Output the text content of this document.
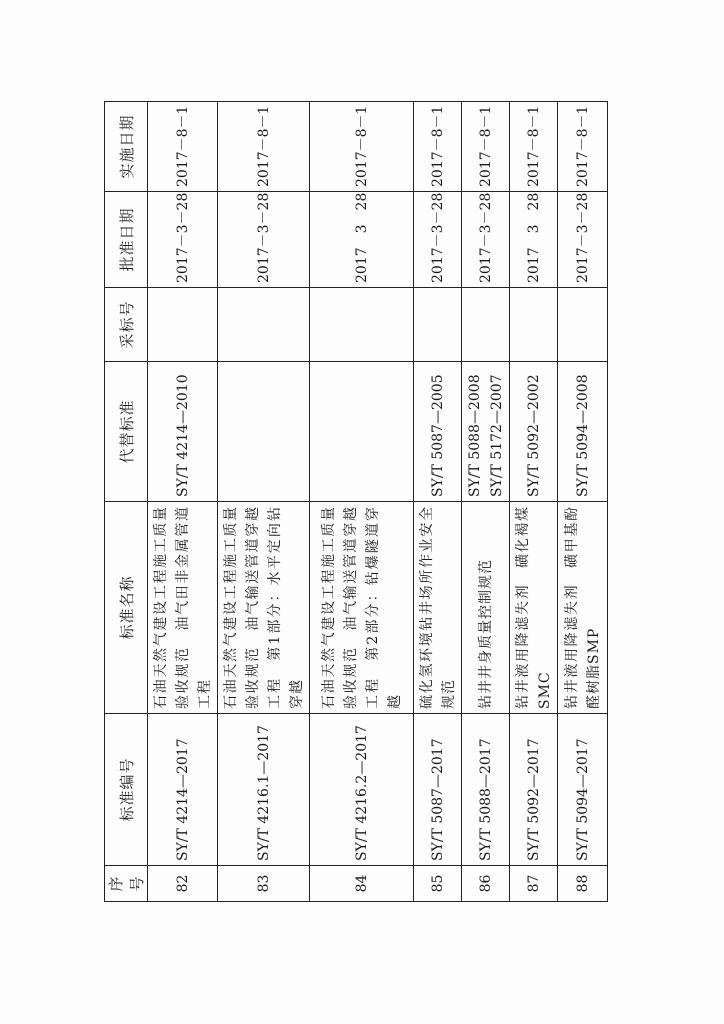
序号	标准编号	标准名称	代替标准	采标号	批准日期	实施日期
82	SY/T 4214—2017	石油天然气建设工程施工质量验收规范　油气田非金属管道工程	SY/T 4214—2010		2017－3－28	2017－8－1
83	SY/T 4216.1—2017	石油天然气建设工程施工质量验收规范　油气输送管道穿越工程　第1部分：水平定向钻穿越			2017－3－28	2017－8－1
84	SY/T 4216.2—2017	石油天然气建设工程施工质量验收规范　油气输送管道穿越工程　第2部分：钻爆隧道穿越			2017　3　28	2017－8－1
85	SY/T 5087—2017	硫化氢环境钻井场所作业安全规范	SY/T 5087—2005		2017－3－28	2017－8－1
86	SY/T 5088—2017	钻井井身质量控制规范	SY/T 5088—2008 SY/T 5172—2007		2017－3－28	2017－8－1
87	SY/T 5092—2017	钻井液用降滤失剂　磺化褐煤SMC	SY/T 5092—2002		2017　3　28	2017－8－1
88	SY/T 5094—2017	钻井液用降滤失剂　磺甲基酚醛树脂SMP	SY/T 5094—2008		2017－3－28	2017－8－1
